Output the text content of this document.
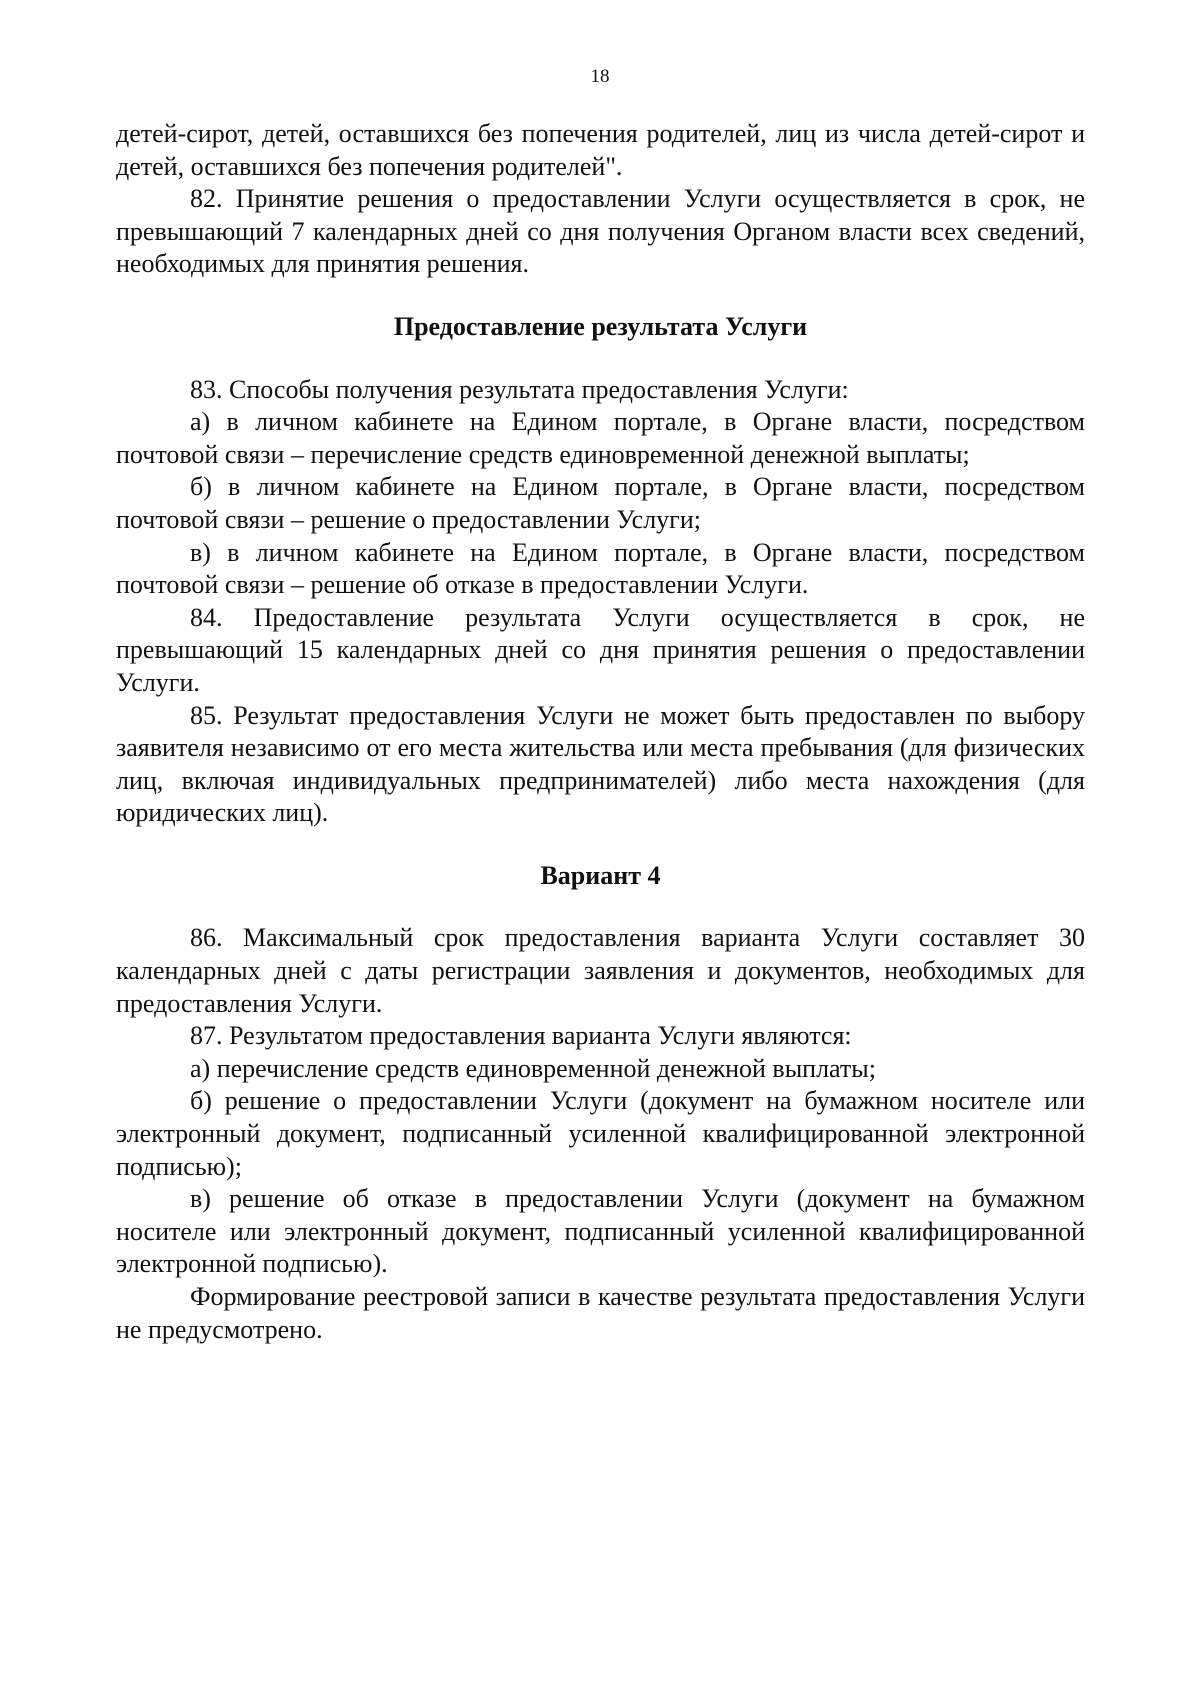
18

детей-сирот, детей, оставшихся без попечения родителей, лиц из числа детей-сирот и детей, оставшихся без попечения родителей".

82. Принятие решения о предоставлении Услуги осуществляется в срок, не превышающий 7 календарных дней со дня получения Органом власти всех сведений, необходимых для принятия решения.

Предоставление результата Услуги

83. Способы получения результата предоставления Услуги:

а) в личном кабинете на Едином портале, в Органе власти, посредством почтовой связи – перечисление средств единовременной денежной выплаты;

б) в личном кабинете на Едином портале, в Органе власти, посредством почтовой связи – решение о предоставлении Услуги;

в) в личном кабинете на Едином портале, в Органе власти, посредством почтовой связи – решение об отказе в предоставлении Услуги.

84. Предоставление результата Услуги осуществляется в срок, не превышающий 15 календарных дней со дня принятия решения о предоставлении Услуги.

85. Результат предоставления Услуги не может быть предоставлен по выбору заявителя независимо от его места жительства или места пребывания (для физических лиц, включая индивидуальных предпринимателей) либо места нахождения (для юридических лиц).

Вариант 4

86. Максимальный срок предоставления варианта Услуги составляет 30 календарных дней с даты регистрации заявления и документов, необходимых для предоставления Услуги.

87. Результатом предоставления варианта Услуги являются:

а) перечисление средств единовременной денежной выплаты;

б) решение о предоставлении Услуги (документ на бумажном носителе или электронный документ, подписанный усиленной квалифицированной электронной подписью);

в) решение об отказе в предоставлении Услуги (документ на бумажном носителе или электронный документ, подписанный усиленной квалифицированной электронной подписью).

Формирование реестровой записи в качестве результата предоставления Услуги не предусмотрено.
